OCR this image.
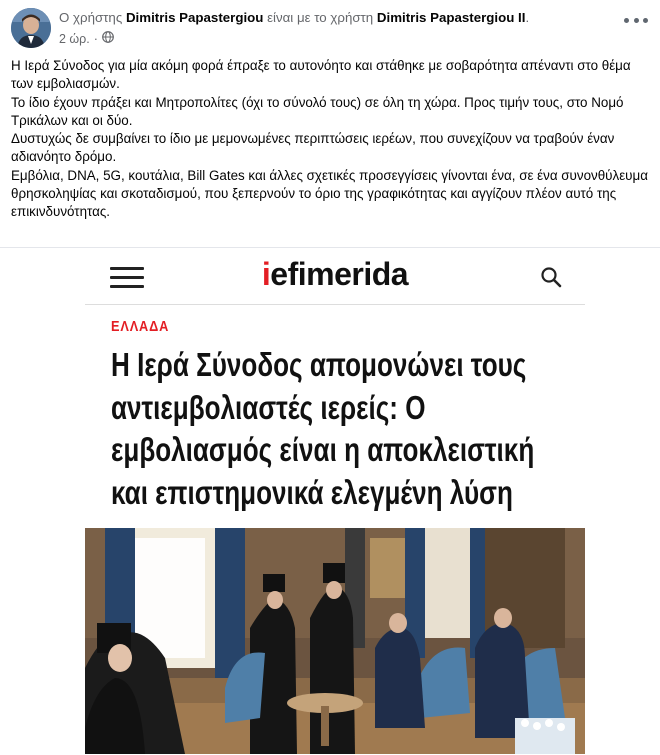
Ο χρήστης Dimitris Papastergiou είναι με το χρήστη Dimitris Papastergiou II.
2 ώρ. ·

Η Ιερά Σύνοδος για μία ακόμη φορά έπραξε το αυτονόητο και στάθηκε με σοβαρότητα απέναντι στο θέμα των εμβολιασμών.

Το ίδιο έχουν πράξει και Μητροπολίτες (όχι το σύνολό τους) σε όλη τη χώρα. Προς τιμήν τους, στο Νομό Τρικάλων και οι δύο.

Δυστυχώς δε συμβαίνει το ίδιο με μεμονωμένες περιπτώσεις ιερέων, που συνεχίζουν να τραβούν έναν αδιανόητο δρόμο.

Εμβόλια, DNA, 5G, κουτάλια, Bill Gates και άλλες σχετικές προσεγγίσεις γίνονται ένα, σε ένα συνονθύλευμα θρησκοληψίας και σκοταδισμού, που ξεπερνούν το όριο της γραφικότητας και αγγίζουν πλέον αυτό της επικινδυνότητας.

iefimerida
ΕΛΛΑΔΑ
Η Ιερά Σύνοδος απομονώνει τους αντιεμβολιαστές ιερείς: Ο εμβολιασμός είναι η αποκλειστική και επιστημονικά ελεγμένη λύση
